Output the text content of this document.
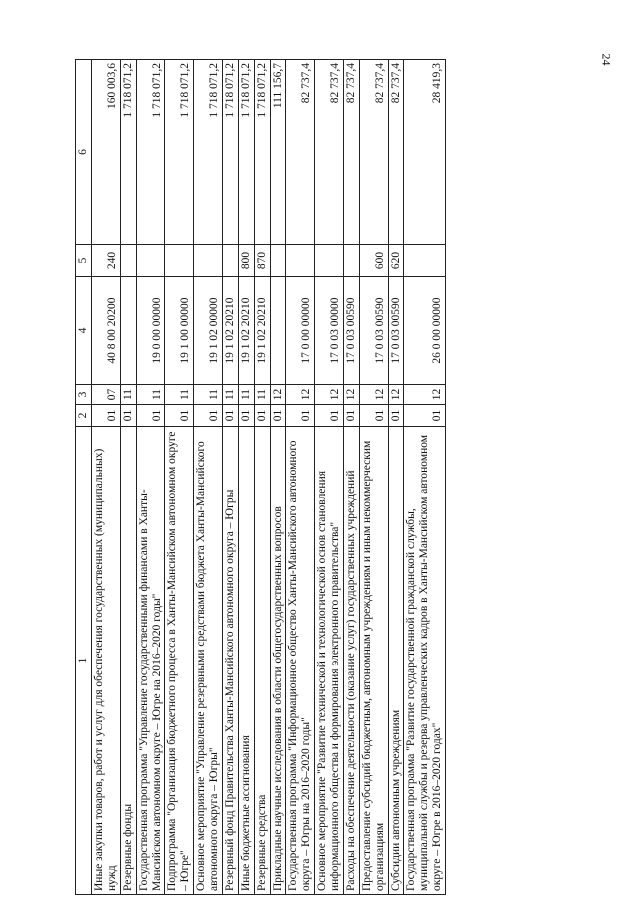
24
1	2	3	4	5	6
Иные закупки товаров, работ и услуг для обеспечения государственных (муниципальных) нужд	01	07	40 8 00 20200	240	160 003,6
Резервные фонды	01	11			1 718 071,2
Государственная программа "Управление государственными финансами в Ханты-Мансийском автономном округе – Югре на 2016–2020 годы"	01	11	19 0 00 00000		1 718 071,2
Подпрограмма "Организация бюджетного процесса в Ханты-Мансийском автономном округе – Югре"	01	11	19 1 00 00000		1 718 071,2
Основное мероприятие "Управление резервными средствами бюджета Ханты-Мансийского автономного округа – Югры"	01	11	19 1 02 00000		1 718 071,2
Резервный фонд Правительства Ханты-Мансийского автономного округа – Югры	01	11	19 1 02 20210		1 718 071,2
Иные бюджетные ассигнования	01	11	19 1 02 20210	800	1 718 071,2
Резервные средства	01	11	19 1 02 20210	870	1 718 071,2
Прикладные научные исследования в области общегосударственных вопросов	01	12			111 156,7
Государственная программа "Информационное общество Ханты-Мансийского автономного округа – Югры на 2016–2020 годы"	01	12	17 0 00 00000		82 737,4
Основное мероприятие "Развитие технической и технологической основ становления информационного общества и формирования электронного правительства"	01	12	17 0 03 00000		82 737,4
Расходы на обеспечение деятельности (оказание услуг) государственных учреждений	01	12	17 0 03 00590		82 737,4
Предоставление субсидий бюджетным, автономным учреждениям и иным некоммерческим организациям	01	12	17 0 03 00590	600	82 737,4
Субсидии автономным учреждениям	01	12	17 0 03 00590	620	82 737,4
Государственная программа "Развитие государственной гражданской службы, муниципальной службы и резерва управленческих кадров в Ханты-Мансийском автономном округе – Югре в 2016–2020 годах"	01	12	26 0 00 00000		28 419,3
